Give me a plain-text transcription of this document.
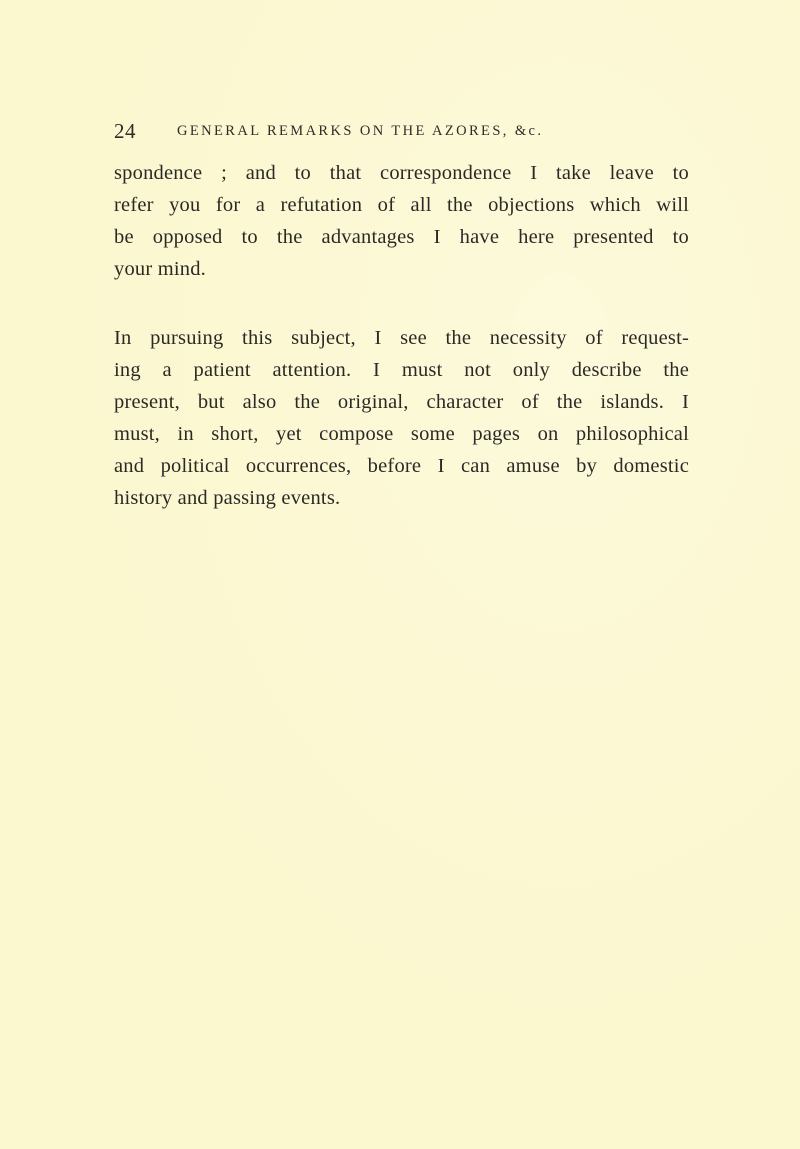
24	GENERAL REMARKS ON THE AZORES, &c.

spondence ; and to that correspondence I take leave to
refer you for a refutation of all the objections which will
be opposed to the advantages I have here presented to
your mind.

In pursuing this subject, I see the necessity of request-
ing a patient attention. I must not only describe the
present, but also the original, character of the islands. I
must, in short, yet compose some pages on philosophical
and political occurrences, before I can amuse by domestic
history and passing events.
